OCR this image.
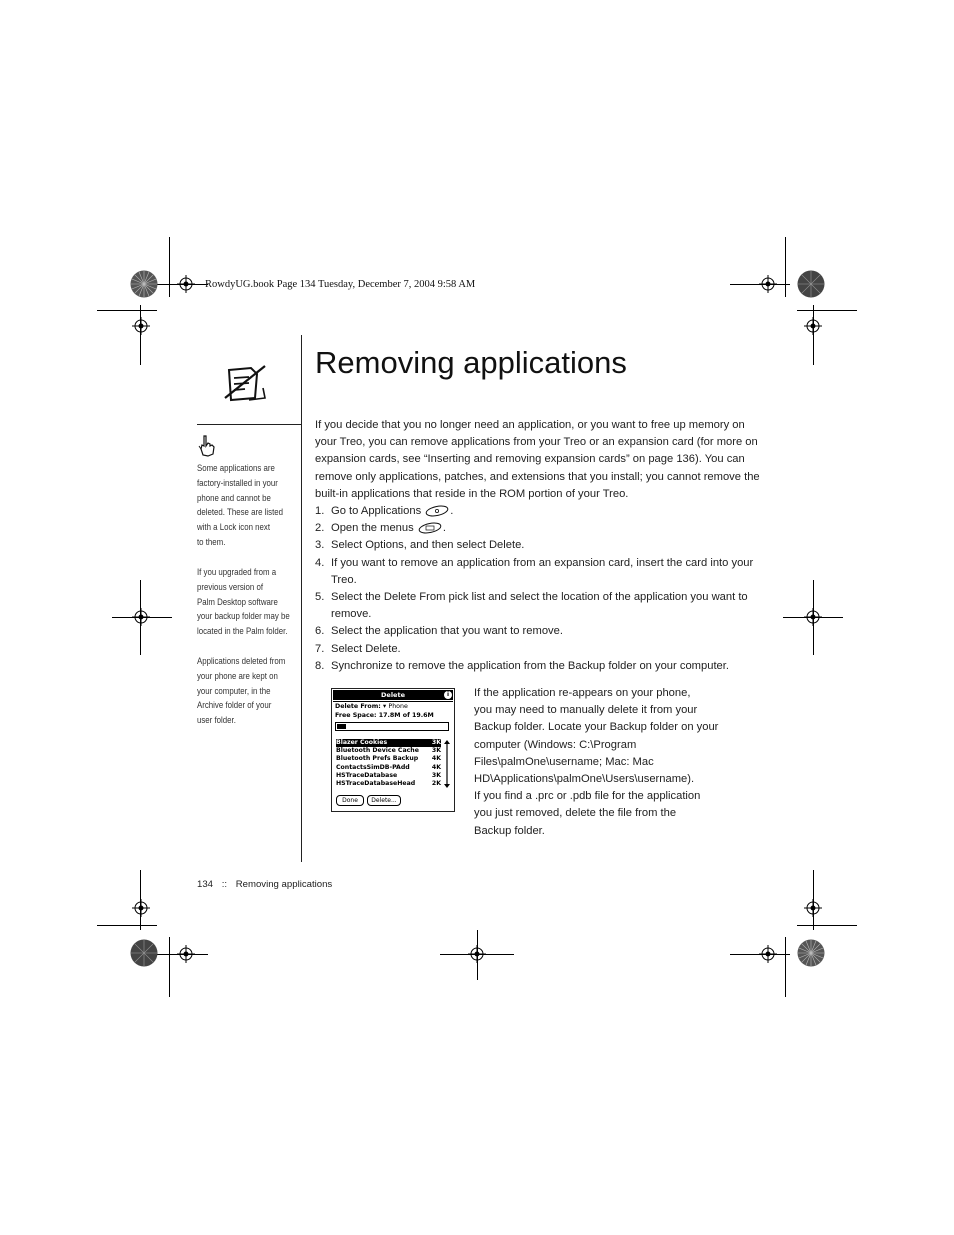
RowdyUG.book Page 134 Tuesday, December 7, 2004 9:58 AM
Removing applications
Some applications are
factory-installed in your
phone and cannot be
deleted. These are listed
with a Lock icon next
to them.
If you upgraded from a
previous version of
Palm Desktop software
your backup folder may be
located in the Palm folder.
Applications deleted from
your phone are kept on
your computer, in the
Archive folder of your
user folder.

If you decide that you no longer need an application, or you want to free up memory on your Treo, you can remove applications from your Treo or an expansion card (for more on expansion cards, see “Inserting and removing expansion cards” on page 136). You can remove only applications, patches, and extensions that you install; you cannot remove the built-in applications that reside in the ROM portion of your Treo.

1. Go to Applications	.
2. Open the menus	.
3. Select Options, and then select Delete.
4. If you want to remove an application from an expansion card, insert the card into your Treo.
5. Select the Delete From pick list and select the location of the application you want to remove.
6. Select the application that you want to remove.
7. Select Delete.
8. Synchronize to remove the application from the Backup folder on your computer.
Delete	i
Delete From: ▾ Phone
Free Space: 17.8M of 19.6M
Blazer Cookies	3K
Bluetooth Device Cache 3K
Bluetooth Prefs Backup 4K
ContactsSimDB-PAdd	4K
HSTraceDatabase	3K
HSTraceDatabaseHead	2K
Done	Delete...
If the application re-appears on your phone,
you may need to manually delete it from your
Backup folder. Locate your Backup folder on your
computer (Windows: C:\Program
Files\palmOne\username; Mac: Mac
HD\Applications\palmOne\Users\username).
If you find a .prc or .pdb file for the application
you just removed, delete the file from the
Backup folder.
134 :: Removing applications
